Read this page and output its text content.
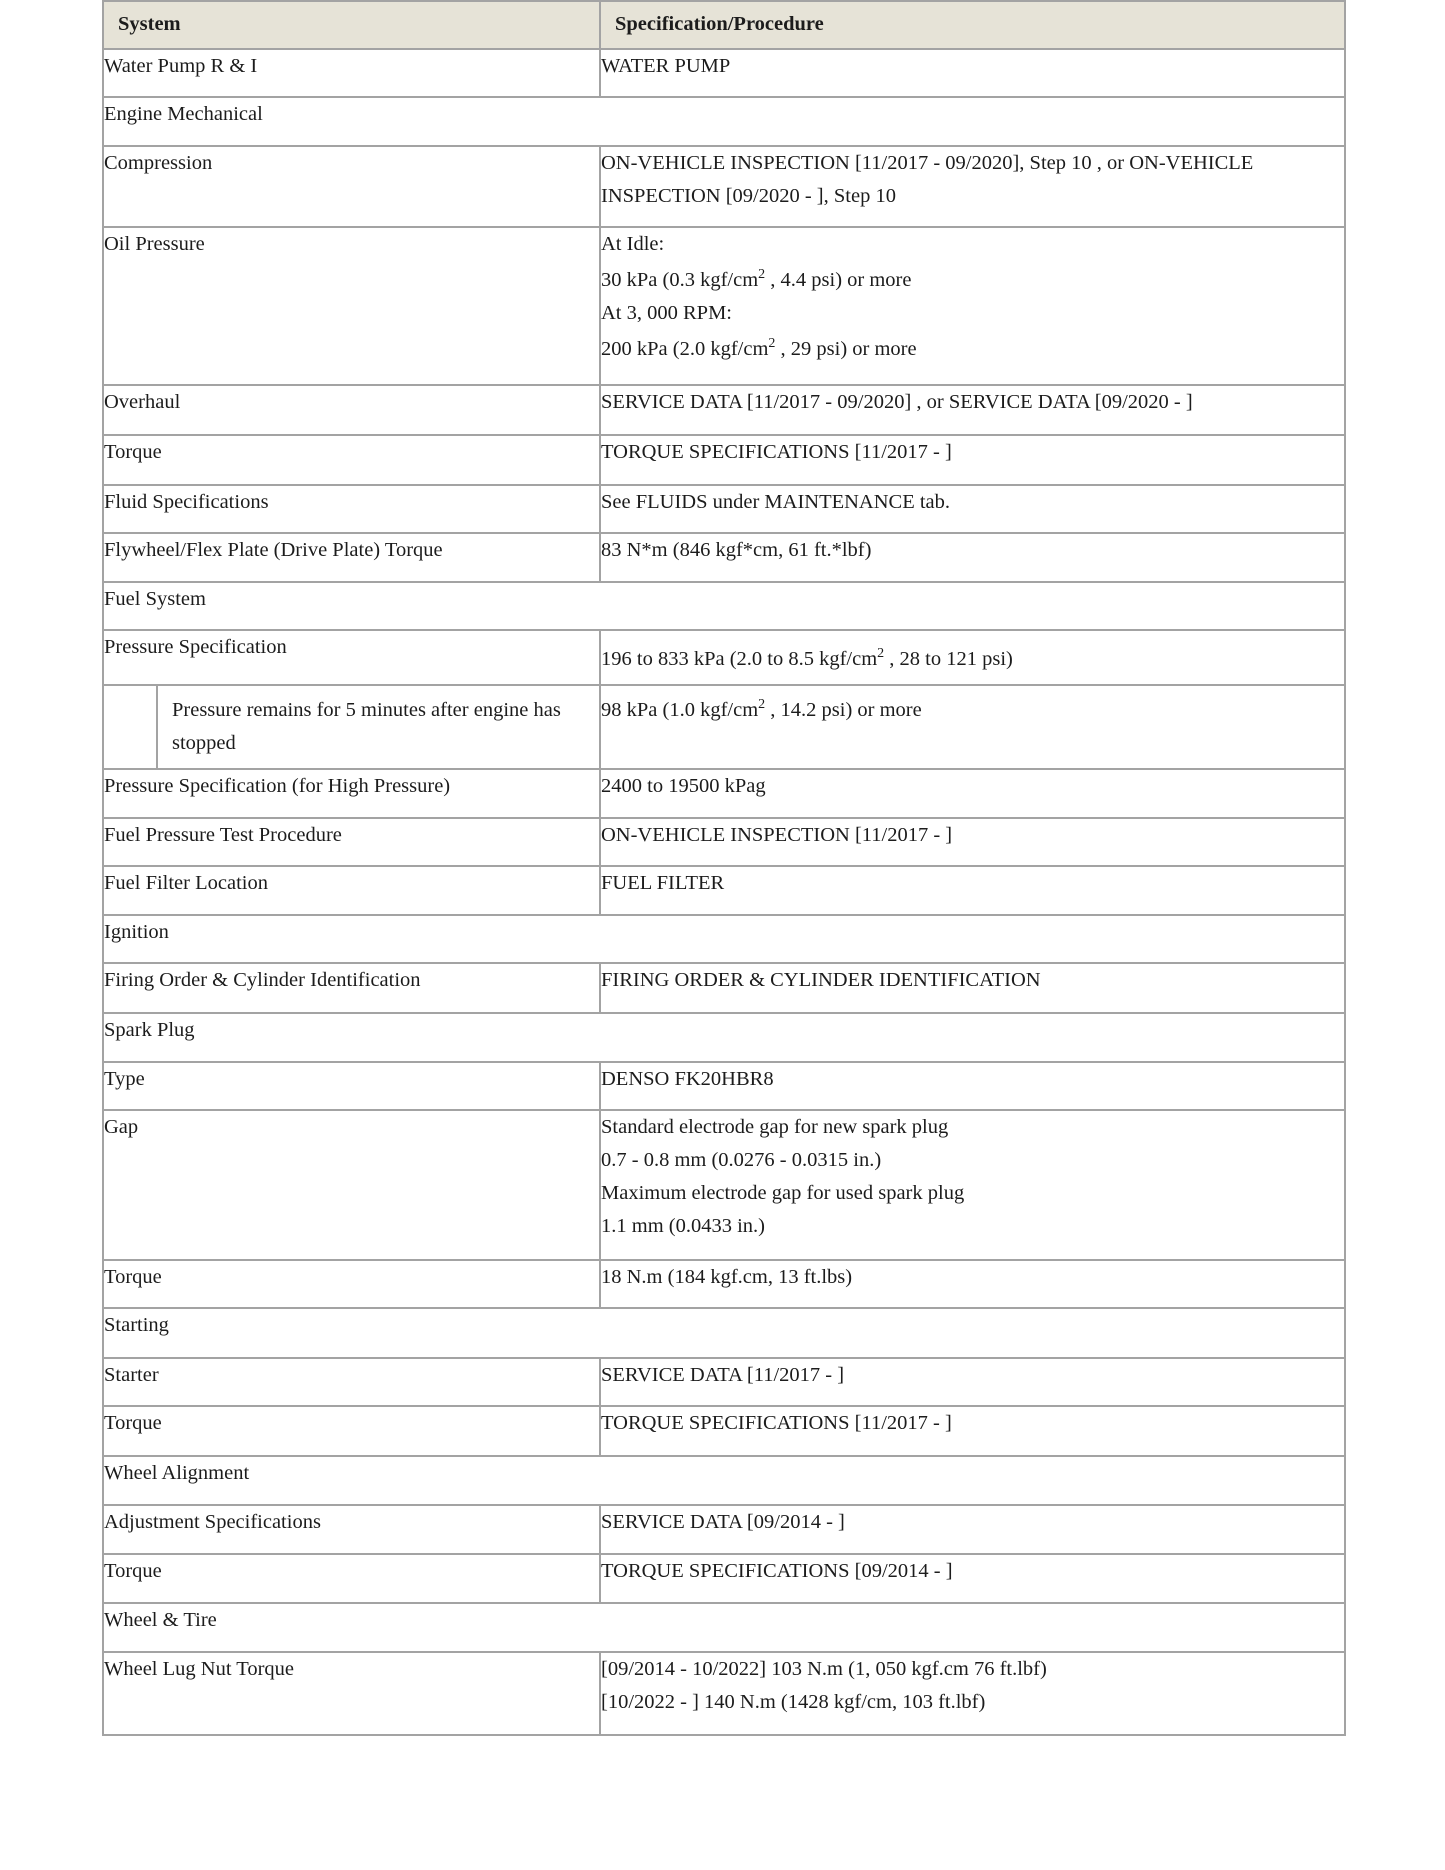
System	Specification/Procedure
Water Pump R & I	WATER PUMP
Engine Mechanical	
Compression	ON-VEHICLE INSPECTION [11/2017 - 09/2020], Step 10 , or ON-VEHICLE INSPECTION [09/2020 - ], Step 10
Oil Pressure	At Idle:
30 kPa (0.3 kgf/$cm^2$ , 4.4 psi) or more
At 3, 000 RPM:
200 kPa (2.0 kgf/$cm^2$ , 29 psi) or more

Overhaul	SERVICE DATA [11/2017 - 09/2020] , or SERVICE DATA [09/2020 - ]
Torque	TORQUE SPECIFICATIONS [11/2017 - ]
Fluid Specifications	See FLUIDS under MAINTENANCE tab.
Flywheel/Flex Plate (Drive Plate) Torque	83 N*m (846 kgf*cm, 61 ft.*lbf)
Fuel System	
Pressure Specification	196 to 833 kPa (2.0 to 8.5 kgf/$cm^2$ , 28 to 121 psi)

Pressure remains for 5 minutes after engine has stopped	98 kPa (1.0 kgf/$cm^2$ , 14.2 psi) or more
Pressure Specification (for High Pressure)	2400 to 19500 kPag
Fuel Pressure Test Procedure	ON-VEHICLE INSPECTION [11/2017 - ]
Fuel Filter Location	FUEL FILTER
Ignition	
Firing Order & Cylinder Identification	FIRING ORDER & CYLINDER IDENTIFICATION
Spark Plug	
Type	DENSO FK20HBR8
Gap	Standard electrode gap for new spark plug
0.7 - 0.8 mm (0.0276 - 0.0315 in.)
Maximum electrode gap for used spark plug
1.1 mm (0.0433 in.)

Torque	18 N.m (184 kgf.cm, 13 ft.lbs)
Starting	
Starter	SERVICE DATA [11/2017 - ]
Torque	TORQUE SPECIFICATIONS [11/2017 - ]
Wheel Alignment	
Adjustment Specifications	SERVICE DATA [09/2014 - ]
Torque	TORQUE SPECIFICATIONS [09/2014 - ]
Wheel & Tire	
Wheel Lug Nut Torque	[09/2014 - 10/2022] 103 N.m (1, 050 kgf.cm 76 ft.lbf)
[10/2022 - ] 140 N.m (1428 kgf/cm, 103 ft.lbf)
